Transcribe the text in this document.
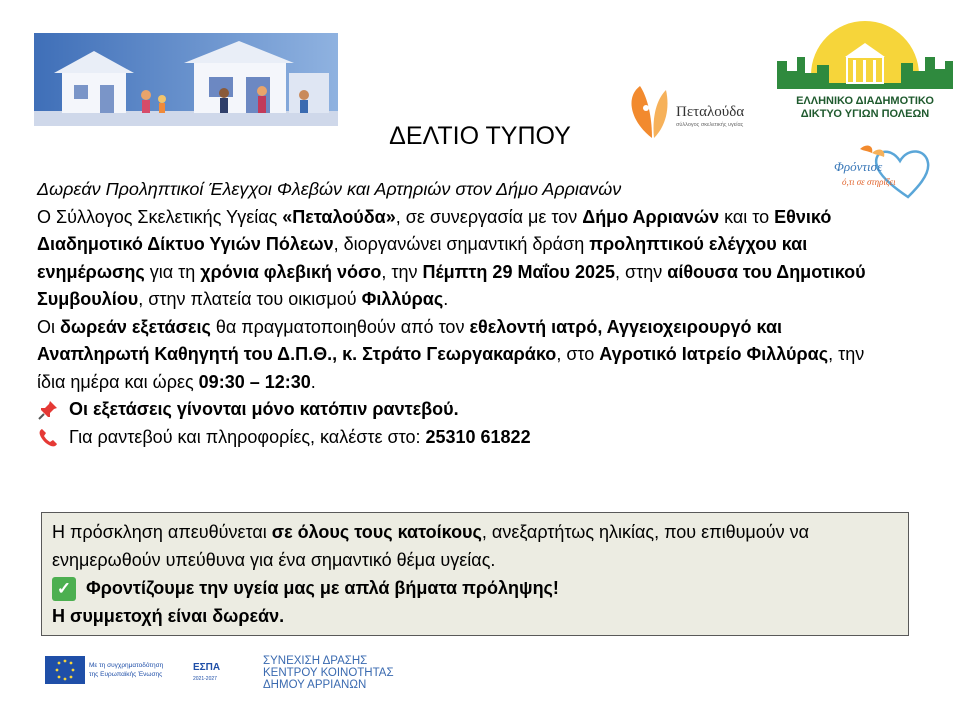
ΔΕΛΤΙΟ ΤΥΠΟΥ
Πεταλούδα
σύλλογος σκελετικής υγείας
ΕΛΛΗΝΙΚΟ ΔΙΑΔΗΜΟΤΙΚΟ
ΔΙΚΤΥΟ ΥΓΙΩΝ ΠΟΛΕΩΝ
Φρόντισε
ό,τι σε στηρίζει

Δωρεάν Προληπτικοί Έλεγχοι Φλεβών και Αρτηριών στον Δήμο Αρριανών

Ο Σύλλογος Σκελετικής Υγείας «Πεταλούδα», σε συνεργασία με τον Δήμο Αρριανών και το Εθνικό Διαδημοτικό Δίκτυο Υγιών Πόλεων, διοργανώνει σημαντική δράση προληπτικού ελέγχου και ενημέρωσης για τη χρόνια φλεβική νόσο, την Πέμπτη 29 Μαΐου 2025, στην αίθουσα του Δημοτικού Συμβουλίου, στην πλατεία του οικισμού Φιλλύρας.

Οι δωρεάν εξετάσεις θα πραγματοποιηθούν από τον εθελοντή ιατρό, Αγγειοχειρουργό και Αναπληρωτή Καθηγητή του Δ.Π.Θ., κ. Στράτο Γεωργακαράκο, στο Αγροτικό Ιατρείο Φιλλύρας, την ίδια ημέρα και ώρες 09:30 – 12:30.

Οι εξετάσεις γίνονται μόνο κατόπιν ραντεβού.

Για ραντεβού και πληροφορίες, καλέστε στο: 25310 61822

Η πρόσκληση απευθύνεται σε όλους τους κατοίκους, ανεξαρτήτως ηλικίας, που επιθυμούν να ενημερωθούν υπεύθυνα για ένα σημαντικό θέμα υγείας.

✓ Φροντίζουμε την υγεία μας με απλά βήματα πρόληψης!

Η συμμετοχή είναι δωρεάν.

Με τη συγχρηματοδότηση
της Ευρωπαϊκής Ένωσης
ΕΣΠΑ
2021-2027
ΣΥΝΕΧΙΣΗ ΔΡΑΣΗΣ
ΚΕΝΤΡΟΥ ΚΟΙΝΟΤΗΤΑΣ
ΔΗΜΟΥ ΑΡΡΙΑΝΩΝ
